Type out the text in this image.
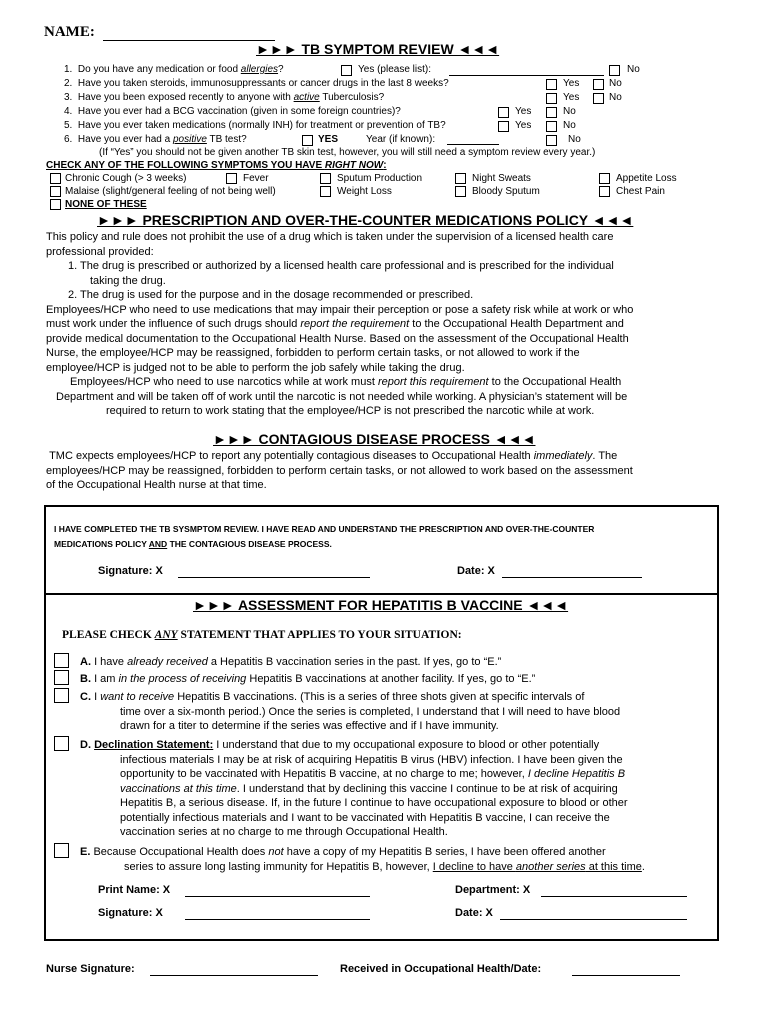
NAME:
►►► TB SYMPTOM REVIEW ◄◄◄
1. Do you have any medication or food allergies?	Yes (please list):	No
2. Have you taken steroids, immunosuppressants or cancer drugs in the last 8 weeks?	Yes	No
3. Have you been exposed recently to anyone with active Tuberculosis?	Yes	No
4. Have you ever had a BCG vaccination (given in some foreign countries)?	Yes	No
5. Have you ever taken medications (normally INH) for treatment or prevention of TB?	Yes	No
6. Have you ever had a positive TB test?	YES	Year (if known):	No
(If “Yes” you should not be given another TB skin test, however, you will still need a symptom review every year.)
CHECK ANY OF THE FOLLOWING SYMPTOMS YOU HAVE RIGHT NOW:
Chronic Cough (> 3 weeks)	Fever	Sputum Production	Night Sweats	Appetite Loss
Malaise (slight/general feeling of not being well)	Weight Loss	Bloody Sputum	Chest Pain
NONE OF THESE
►►► PRESCRIPTION AND OVER-THE-COUNTER MEDICATIONS POLICY ◄◄◄
This policy and rule does not prohibit the use of a drug which is taken under the supervision of a licensed health care
professional provided:
1. The drug is prescribed or authorized by a licensed health care professional and is prescribed for the individual
taking the drug.
2. The drug is used for the purpose and in the dosage recommended or prescribed.
Employees/HCP who need to use medications that may impair their perception or pose a safety risk while at work or who
must work under the influence of such drugs should report the requirement to the Occupational Health Department and
provide medical documentation to the Occupational Health Nurse. Based on the assessment of the Occupational Health
Nurse, the employee/HCP may be reassigned, forbidden to perform certain tasks, or not allowed to work if the
employee/HCP is judged not to be able to perform the job safely while taking the drug.
Employees/HCP who need to use narcotics while at work must report this requirement to the Occupational Health
Department and will be taken off of work until the narcotic is not needed while working. A physician’s statement will be
required to return to work stating that the employee/HCP is not prescribed the narcotic while at work.
►►► CONTAGIOUS DISEASE PROCESS ◄◄◄
TMC expects employees/HCP to report any potentially contagious diseases to Occupational Health immediately. The
employees/HCP may be reassigned, forbidden to perform certain tasks, or not allowed to work based on the assessment
of the Occupational Health nurse at that time.
I HAVE COMPLETED THE TB SYSMPTOM REVIEW. I HAVE READ AND UNDERSTAND THE PRESCRIPTION AND OVER-THE-COUNTER
MEDICATIONS POLICY AND THE CONTAGIOUS DISEASE PROCESS.
Signature: X	Date: X
►►► ASSESSMENT FOR HEPATITIS B VACCINE ◄◄◄
PLEASE CHECK ANY STATEMENT THAT APPLIES TO YOUR SITUATION:
A. I have already received a Hepatitis B vaccination series in the past. If yes, go to “E.”
B. I am in the process of receiving Hepatitis B vaccinations at another facility. If yes, go to “E.”
C. I want to receive Hepatitis B vaccinations. (This is a series of three shots given at specific intervals of
time over a six-month period.) Once the series is completed, I understand that I will need to have blood
drawn for a titer to determine if the series was effective and if I have immunity.
D. Declination Statement: I understand that due to my occupational exposure to blood or other potentially
infectious materials I may be at risk of acquiring Hepatitis B virus (HBV) infection. I have been given the
opportunity to be vaccinated with Hepatitis B vaccine, at no charge to me; however, I decline Hepatitis B
vaccinations at this time. I understand that by declining this vaccine I continue to be at risk of acquiring
Hepatitis B, a serious disease. If, in the future I continue to have occupational exposure to blood or other
potentially infectious materials and I want to be vaccinated with Hepatitis B vaccine, I can receive the
vaccination series at no charge to me through Occupational Health.
E. Because Occupational Health does not have a copy of my Hepatitis B series, I have been offered another
series to assure long lasting immunity for Hepatitis B, however, I decline to have another series at this time.
Print Name: X	Department: X
Signature: X	Date: X
Nurse Signature:	Received in Occupational Health/Date:
